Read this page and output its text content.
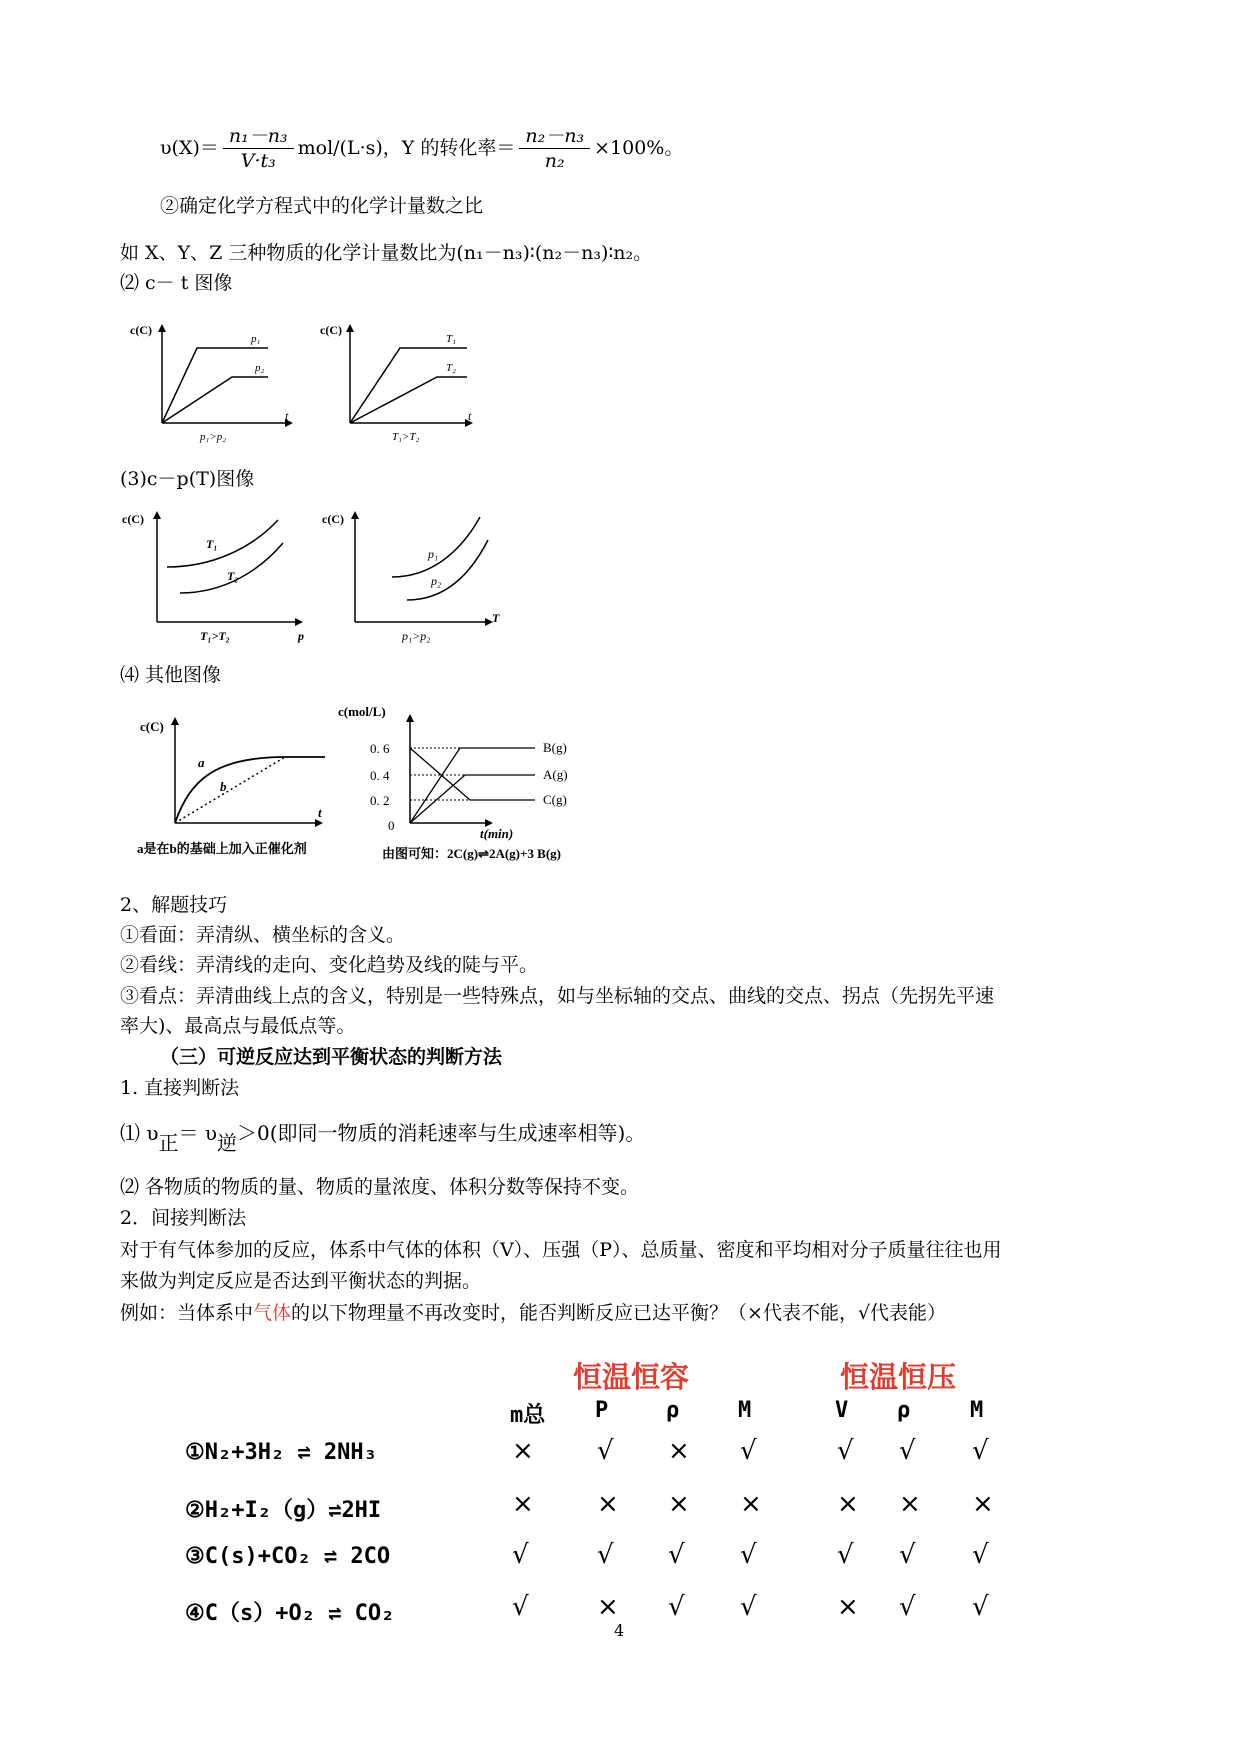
$\upsilon(X)= \frac{\text{n₁－n₃}}{\text{V·t₃}} mol/(L\cdot s)$，Y 的转化率＝ $\frac{\text{n₂－n₃}}{\text{n₂}} \times 100\%$。
②确定化学方程式中的化学计量数之比
如 X、Y、Z 三种物质的化学计量数比为(n₁－n₃)∶(n₂－n₃)∶n₂。
⑵ c－ t 图像
c(C)
t
p₁
p₂
p₁>p₂
c(C)
t
T₁
T₂
T₁>T₂
(3)c－p(T)图像
c(C)
p
T₁
T₂
T₁>T₂
c(C)
T
p₁
p₂
p₁>p₂
⑷ 其他图像
c(C)
t
a
b
a是在b的基础上加入正催化剂
c(mol/L)
0. 6
0. 4
0. 2
0
B(g)
A(g)
C(g)
t(min)
由图可知：2C(g)⇌2A(g)+3 B(g)
2、解题技巧
①看面：弄清纵、横坐标的含义。
②看线：弄清线的走向、变化趋势及线的陡与平。
③看点：弄清曲线上点的含义，特别是一些特殊点，如与坐标轴的交点、曲线的交点、拐点（先拐先平速
率大)、最高点与最低点等。
（三）可逆反应达到平衡状态的判断方法
1. 直接判断法
⑴ υ正＝ υ逆＞0(即同一物质的消耗速率与生成速率相等)。
⑵ 各物质的物质的量、物质的量浓度、体积分数等保持不变。
2．间接判断法
对于有气体参加的反应，体系中气体的体积（V）、压强（P）、总质量、密度和平均相对分子质量往往也用
来做为判定反应是否达到平衡状态的判据。
例如：当体系中气体的以下物理量不再改变时，能否判断反应已达平衡？（×代表不能，√代表能）
恒温恒容	恒温恒压
m总 P	ρ	M	V ρ	M
①N₂+3H₂ ⇌ 2NH₃	× √ × √	√ √ √
②H₂+I₂（g）⇌2HI	× × × ×	× × ×
③C(s)+CO₂ ⇌ 2CO	√	√ √ √	√ √ √
④C（s）+O₂ ⇌ CO₂	√	× √ √	× √ √
4
